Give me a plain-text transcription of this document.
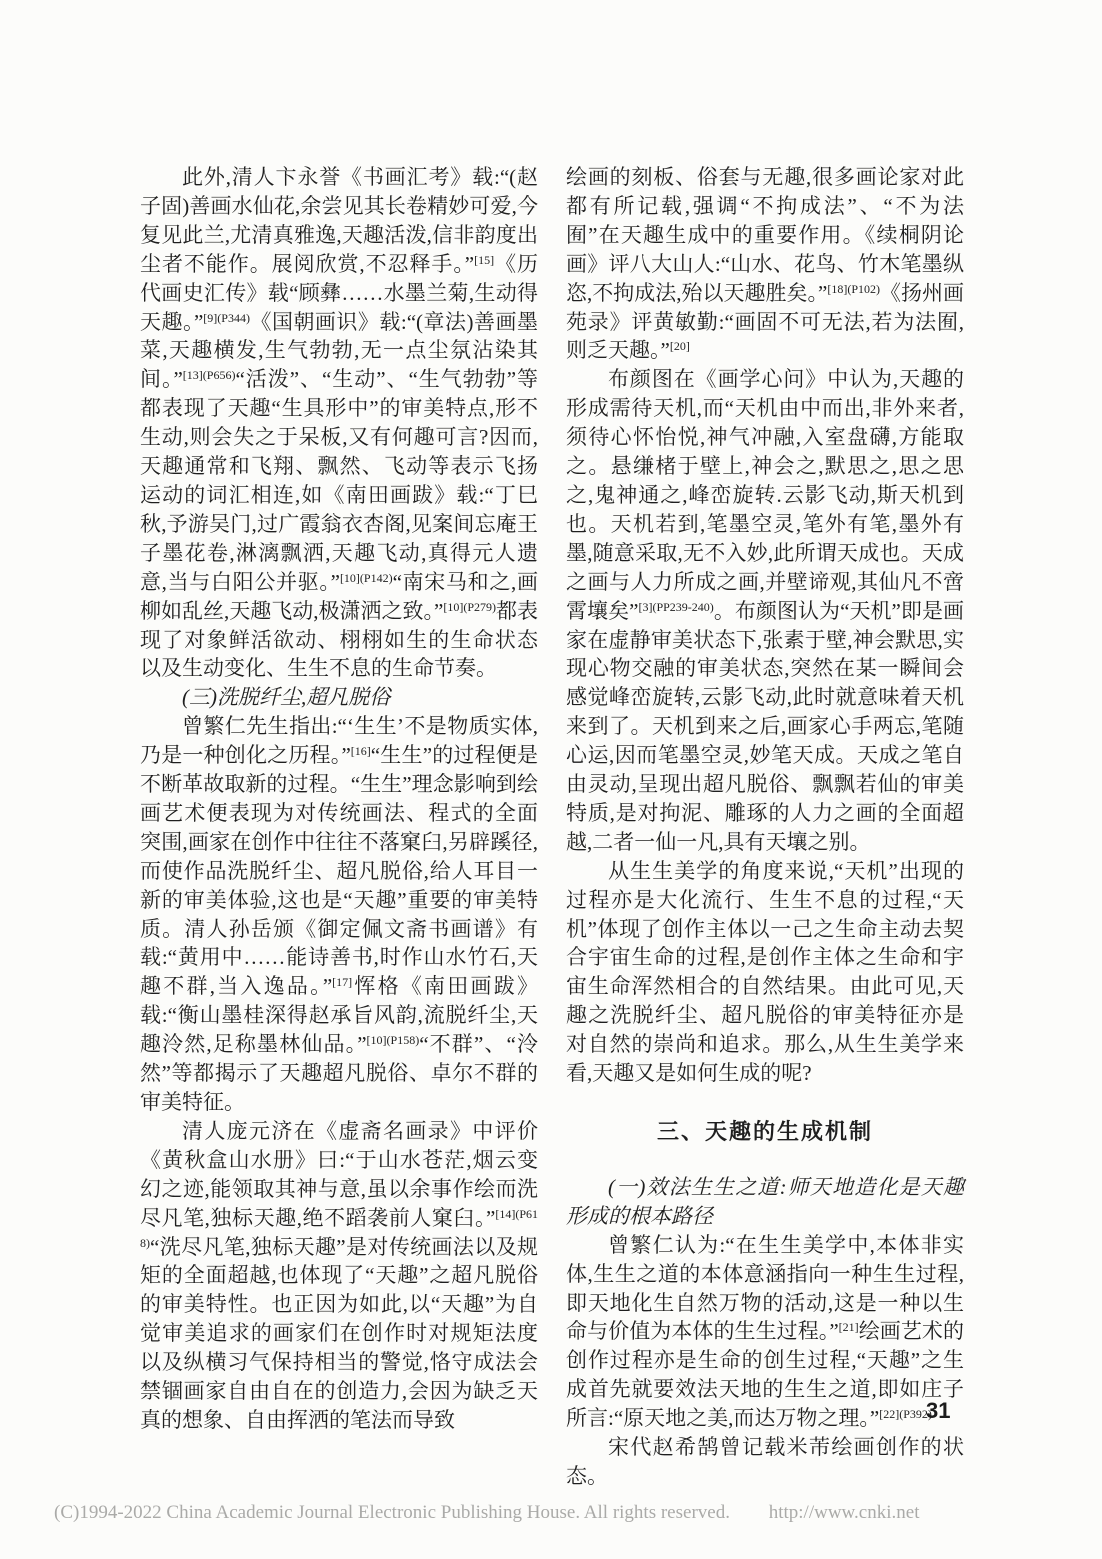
此外,清人卞永誉《书画汇考》载:“(赵子固)善画水仙花,余尝见其长卷精妙可爱,今复见此兰,尤清真雅逸,天趣活泼,信非韵度出尘者不能作。展阅欣赏,不忍释手。”[15]《历代画史汇传》载“顾彝……水墨兰菊,生动得天趣。”$^{[9](P344)}$《国朝画识》载:“(章法)善画墨菜,天趣横发,生气勃勃,无一点尘氛沾染其间。”$^{[13](P656)}$“活泼”、“生动”、“生气勃勃”等都表现了天趣“生具形中”的审美特点,形不生动,则会失之于呆板,又有何趣可言?因而,天趣通常和飞翔、飘然、飞动等表示飞扬运动的词汇相连,如《南田画跋》载:“丁巳秋,予游吴门,过广霞翁衣杏阁,见案间忘庵王子墨花卷,淋漓飘洒,天趣飞动,真得元人遗意,当与白阳公并驱。”$^{[10](P142)}$“南宋马和之,画柳如乱丝,天趣飞动,极潇洒之致。”$^{[10](P279)}$都表现了对象鲜活欲动、栩栩如生的生命状态以及生动变化、生生不息的生命节奏。

(三)洗脱纤尘,超凡脱俗

曾繁仁先生指出:“‘生生’不是物质实体,乃是一种创化之历程。”[16]“生生”的过程便是不断革故取新的过程。“生生”理念影响到绘画艺术便表现为对传统画法、程式的全面突围,画家在创作中往往不落窠臼,另辟蹊径,而使作品洗脱纤尘、超凡脱俗,给人耳目一新的审美体验,这也是“天趣”重要的审美特质。清人孙岳颁《御定佩文斋书画谱》有载:“黄用中……能诗善书,时作山水竹石,天趣不群,当入逸品。”[17]恽格《南田画跋》载:“衡山墨桂深得赵承旨风韵,流脱纤尘,天趣泠然,足称墨林仙品。”$^{[10](P158)}$“不群”、“泠然”等都揭示了天趣超凡脱俗、卓尔不群的审美特征。

清人庞元济在《虚斋名画录》中评价《黄秋盒山水册》曰:“于山水苍茫,烟云变幻之迹,能领取其神与意,虽以余事作绘而洗尽凡笔,独标天趣,绝不蹈袭前人窠臼。”$^{[14](P618)}$“洗尽凡笔,独标天趣”是对传统画法以及规矩的全面超越,也体现了“天趣”之超凡脱俗的审美特性。也正因为如此,以“天趣”为自觉审美追求的画家们在创作时对规矩法度以及纵横习气保持相当的警觉,恪守成法会禁锢画家自由自在的创造力,会因为缺乏天真的想象、自由挥洒的笔法而导致

绘画的刻板、俗套与无趣,很多画论家对此都有所记载,强调“不拘成法”、“不为法囿”在天趣生成中的重要作用。《续桐阴论画》评八大山人:“山水、花鸟、竹木笔墨纵恣,不拘成法,殆以天趣胜矣。”$^{[18](P102)}$《扬州画苑录》评黄敏勤:“画固不可无法,若为法囿,则乏天趣。”[20]

布颜图在《画学心问》中认为,天趣的形成需待天机,而“天机由中而出,非外来者,须待心怀怡悦,神气冲融,入室盘礴,方能取之。悬缣楮于壁上,神会之,默思之,思之思之,鬼神通之,峰峦旋转.云影飞动,斯天机到也。天机若到,笔墨空灵,笔外有笔,墨外有墨,随意采取,无不入妙,此所谓天成也。天成之画与人力所成之画,并壁谛观,其仙凡不啻霄壤矣”$^{[3](PP239-240)}$。布颜图认为“天机”即是画家在虚静审美状态下,张素于壁,神会默思,实现心物交融的审美状态,突然在某一瞬间会感觉峰峦旋转,云影飞动,此时就意味着天机来到了。天机到来之后,画家心手两忘,笔随心运,因而笔墨空灵,妙笔天成。天成之笔自由灵动,呈现出超凡脱俗、飘飘若仙的审美特质,是对拘泥、雕琢的人力之画的全面超越,二者一仙一凡,具有天壤之别。

从生生美学的角度来说,“天机”出现的过程亦是大化流行、生生不息的过程,“天机”体现了创作主体以一己之生命主动去契合宇宙生命的过程,是创作主体之生命和宇宙生命浑然相合的自然结果。由此可见,天趣之洗脱纤尘、超凡脱俗的审美特征亦是对自然的崇尚和追求。那么,从生生美学来看,天趣又是如何生成的呢?

三、天趣的生成机制

(一)效法生生之道:师天地造化是天趣形成的根本路径

曾繁仁认为:“在生生美学中,本体非实体,生生之道的本体意涵指向一种生生过程,即天地化生自然万物的活动,这是一种以生命与价值为本体的生生过程。”[21]绘画艺术的创作过程亦是生命的创生过程,“天趣”之生成首先就要效法天地的生生之道,即如庄子所言:“原天地之美,而达万物之理。”$^{[22](P392)}$

宋代赵希鹄曾记载米芾绘画创作的状态。

31
(C)1994-2022 China Academic Journal Electronic Publishing House. All rights reserved. http://www.cnki.net
